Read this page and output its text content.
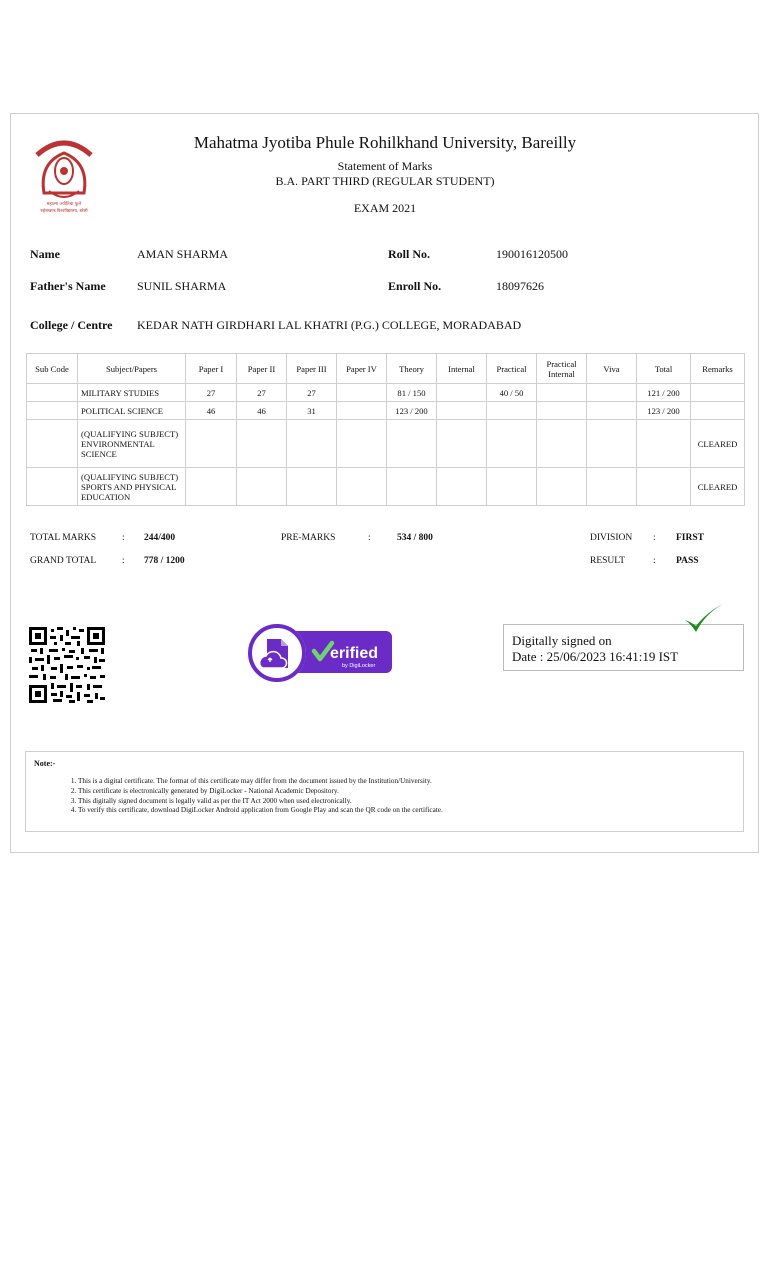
महात्मा ज्योतिबा फुले
रुहेलखण्ड विश्वविद्यालय, बरेली
Mahatma Jyotiba Phule Rohilkhand University, Bareilly
Statement of Marks
B.A. PART THIRD (REGULAR STUDENT)
EXAM 2021
Name	AMAN SHARMA	Roll No.	190016120500
Father's Name	SUNIL SHARMA	Enroll No.	18097626
College / Centre KEDAR NATH GIRDHARI LAL KHATRI (P.G.) COLLEGE, MORADABAD
Sub Code	Subject/Papers	Paper I	Paper II	Paper III	Paper IV	Theory	Internal	Practical	Practical Internal	Viva	Total	Remarks
	MILITARY STUDIES	27	27	27		81 / 150		40 / 50			121 / 200	
	POLITICAL SCIENCE	46	46	31		123 / 200					123 / 200	
	(QUALIFYING SUBJECT) ENVIRONMENTAL SCIENCE											CLEARED
	(QUALIFYING SUBJECT) SPORTS AND PHYSICAL EDUCATION											CLEARED
TOTAL MARKS	: 244/400	PRE-MARKS	:	534 / 800	DIVISION : FIRST
GRAND TOTAL	: 778 / 1200	RESULT	: PASS
erified
by DigiLocker
Digitally signed on
Date : 25/06/2023 16:41:19 IST
Note:-
1. This is a digital certificate. The format of this certificate may differ from the document issued by the Institution/University.
2. This certificate is electronically generated by DigiLocker - National Academic Depository.
3. This digitally signed document is legally valid as per the IT Act 2000 when used electronically.
4. To verify this certificate, download DigiLocker Android application from Google Play and scan the QR code on the certificate.
